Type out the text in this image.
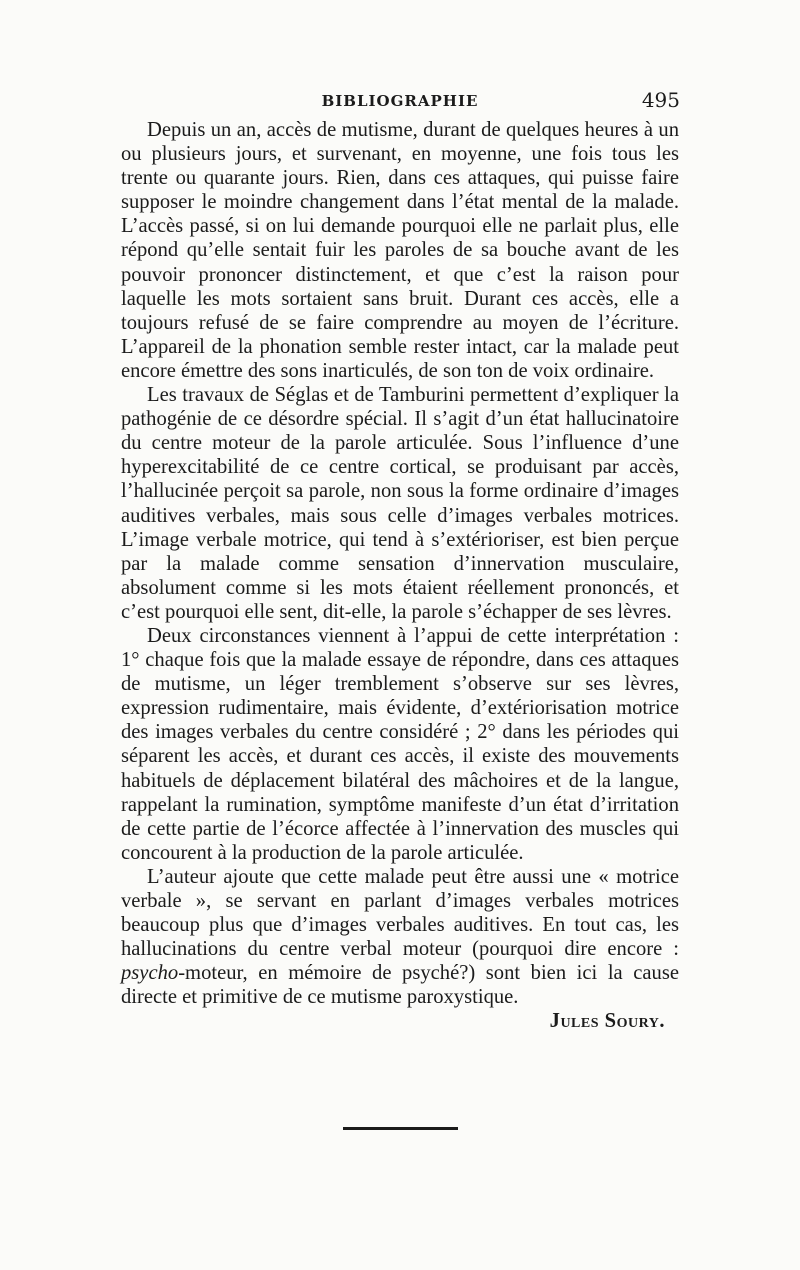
BIBLIOGRAPHIE	495

Depuis un an, accès de mutisme, durant de quelques heures à un ou plusieurs jours, et survenant, en moyenne, une fois tous les trente ou quarante jours. Rien, dans ces attaques, qui puisse faire supposer le moindre changement dans l’état mental de la malade. L’accès passé, si on lui demande pourquoi elle ne parlait plus, elle répond qu’elle sentait fuir les paroles de sa bouche avant de les pouvoir prononcer distinctement, et que c’est la raison pour laquelle les mots sortaient sans bruit. Durant ces accès, elle a toujours refusé de se faire comprendre au moyen de l’écriture. L’appareil de la phonation semble rester intact, car la malade peut encore émettre des sons inarticulés, de son ton de voix ordinaire.

Les travaux de Séglas et de Tamburini permettent d’expliquer la pathogénie de ce désordre spécial. Il s’agit d’un état hallucinatoire du centre moteur de la parole articulée. Sous l’influence d’une hyperexcitabilité de ce centre cortical, se produisant par accès, l’hallucinée perçoit sa parole, non sous la forme ordinaire d’images auditives verbales, mais sous celle d’images verbales motrices. L’image verbale motrice, qui tend à s’extérioriser, est bien perçue par la malade comme sensation d’innervation musculaire, absolument comme si les mots étaient réellement prononcés, et c’est pourquoi elle sent, dit-elle, la parole s’échapper de ses lèvres.

Deux circonstances viennent à l’appui de cette interprétation : 1° chaque fois que la malade essaye de répondre, dans ces attaques de mutisme, un léger tremblement s’observe sur ses lèvres, expression rudimentaire, mais évidente, d’extériorisation motrice des images verbales du centre considéré ; 2° dans les périodes qui séparent les accès, et durant ces accès, il existe des mouvements habituels de déplacement bilatéral des mâchoires et de la langue, rappelant la rumination, symptôme manifeste d’un état d’irritation de cette partie de l’écorce affectée à l’innervation des muscles qui concourent à la production de la parole articulée.

L’auteur ajoute que cette malade peut être aussi une « motrice verbale », se servant en parlant d’images verbales motrices beaucoup plus que d’images verbales auditives. En tout cas, les hallucinations du centre verbal moteur (pourquoi dire encore : psycho-moteur, en mémoire de psyché?) sont bien ici la cause directe et primitive de ce mutisme paroxystique.

Jules Soury.
